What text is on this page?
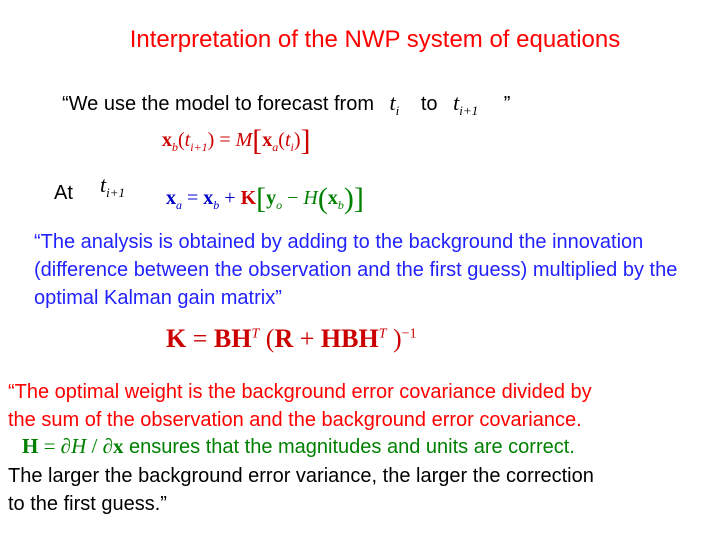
Interpretation of the NWP system of equations
“We use the model to forecast from $t_i$ to $t_{i+1}$ ”
$x_b(t_{i+1}) = M[x_a(t_i)]$
At $t_{i+1}$ $x_a = x_b + K[y_o - H(x_b)]$
“The analysis is obtained by adding to the background the innovation (difference between the observation and the first guess) multiplied by the optimal Kalman gain matrix”
$K = BH^T$ ($R + HBH^T$ )$^{-1}$
“The optimal weight is the background error covariance divided by
the sum of the observation and the background error covariance.
H = ∂H / ∂x ensures that the magnitudes and units are correct.
The larger the background error variance, the larger the correction
to the first guess.”
